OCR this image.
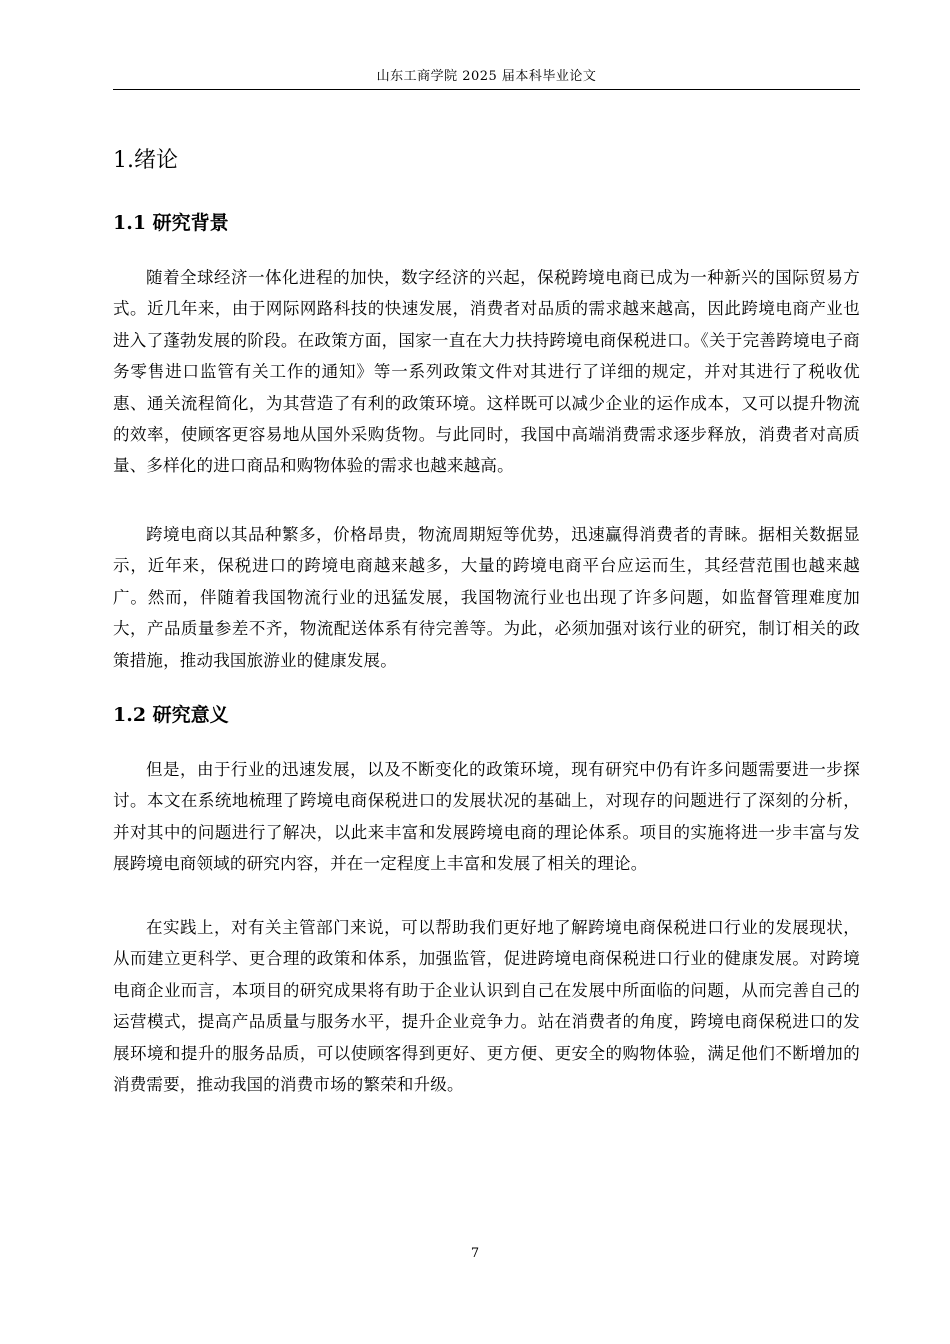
山东工商学院 2025 届本科毕业论文
1.绪论
1.1 研究背景

随着全球经济一体化进程的加快，数字经济的兴起，保税跨境电商已成为一种新兴的国际贸易方式。近几年来，由于网际网路科技的快速发展，消费者对品质的需求越来越高，因此跨境电商产业也进入了蓬勃发展的阶段。在政策方面，国家一直在大力扶持跨境电商保税进口。《关于完善跨境电子商务零售进口监管有关工作的通知》等一系列政策文件对其进行了详细的规定，并对其进行了税收优惠、通关流程简化，为其营造了有利的政策环境。这样既可以减少企业的运作成本，又可以提升物流的效率，使顾客更容易地从国外采购货物。与此同时，我国中高端消费需求逐步释放，消费者对高质量、多样化的进口商品和购物体验的需求也越来越高。

跨境电商以其品种繁多，价格昂贵，物流周期短等优势，迅速赢得消费者的青睐。据相关数据显示，近年来，保税进口的跨境电商越来越多，大量的跨境电商平台应运而生，其经营范围也越来越广。然而，伴随着我国物流行业的迅猛发展，我国物流行业也出现了许多问题，如监督管理难度加大，产品质量参差不齐，物流配送体系有待完善等。为此，必须加强对该行业的研究，制订相关的政策措施，推动我国旅游业的健康发展。

1.2 研究意义

但是，由于行业的迅速发展，以及不断变化的政策环境，现有研究中仍有许多问题需要进一步探讨。本文在系统地梳理了跨境电商保税进口的发展状况的基础上，对现存的问题进行了深刻的分析，并对其中的问题进行了解决，以此来丰富和发展跨境电商的理论体系。项目的实施将进一步丰富与发展跨境电商领域的研究内容，并在一定程度上丰富和发展了相关的理论。

在实践上，对有关主管部门来说，可以帮助我们更好地了解跨境电商保税进口行业的发展现状，从而建立更科学、更合理的政策和体系，加强监管，促进跨境电商保税进口行业的健康发展。对跨境电商企业而言，本项目的研究成果将有助于企业认识到自己在发展中所面临的问题，从而完善自己的运营模式，提高产品质量与服务水平，提升企业竞争力。站在消费者的角度，跨境电商保税进口的发展环境和提升的服务品质，可以使顾客得到更好、更方便、更安全的购物体验，满足他们不断增加的消费需要，推动我国的消费市场的繁荣和升级。

7
